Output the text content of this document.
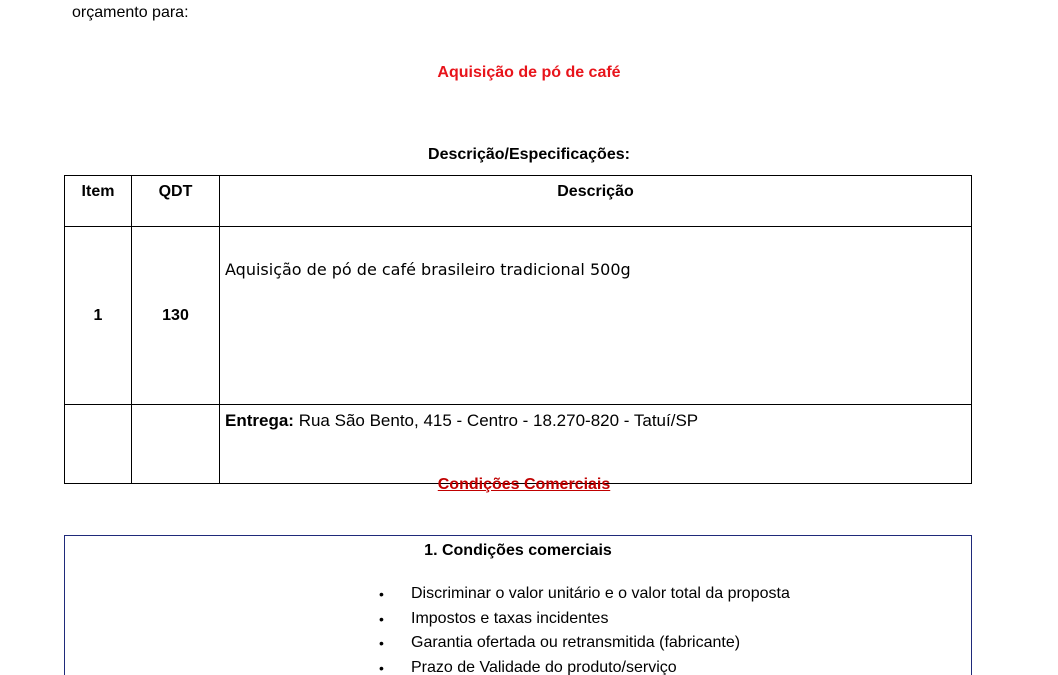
orçamento para:
Aquisição de pó de café
Descrição/Especificações:
Item	QDT	Descrição
1	130	Aquisição de pó de café brasileiro tradicional 500g
		Entrega: Rua São Bento, 415 - Centro - 18.270-820 - Tatuí/SP
Condições Comerciais
1. Condições comerciais
• Discriminar o valor unitário e o valor total da proposta
• Impostos e taxas incidentes
• Garantia ofertada ou retransmitida (fabricante)
• Prazo de Validade do produto/serviço
